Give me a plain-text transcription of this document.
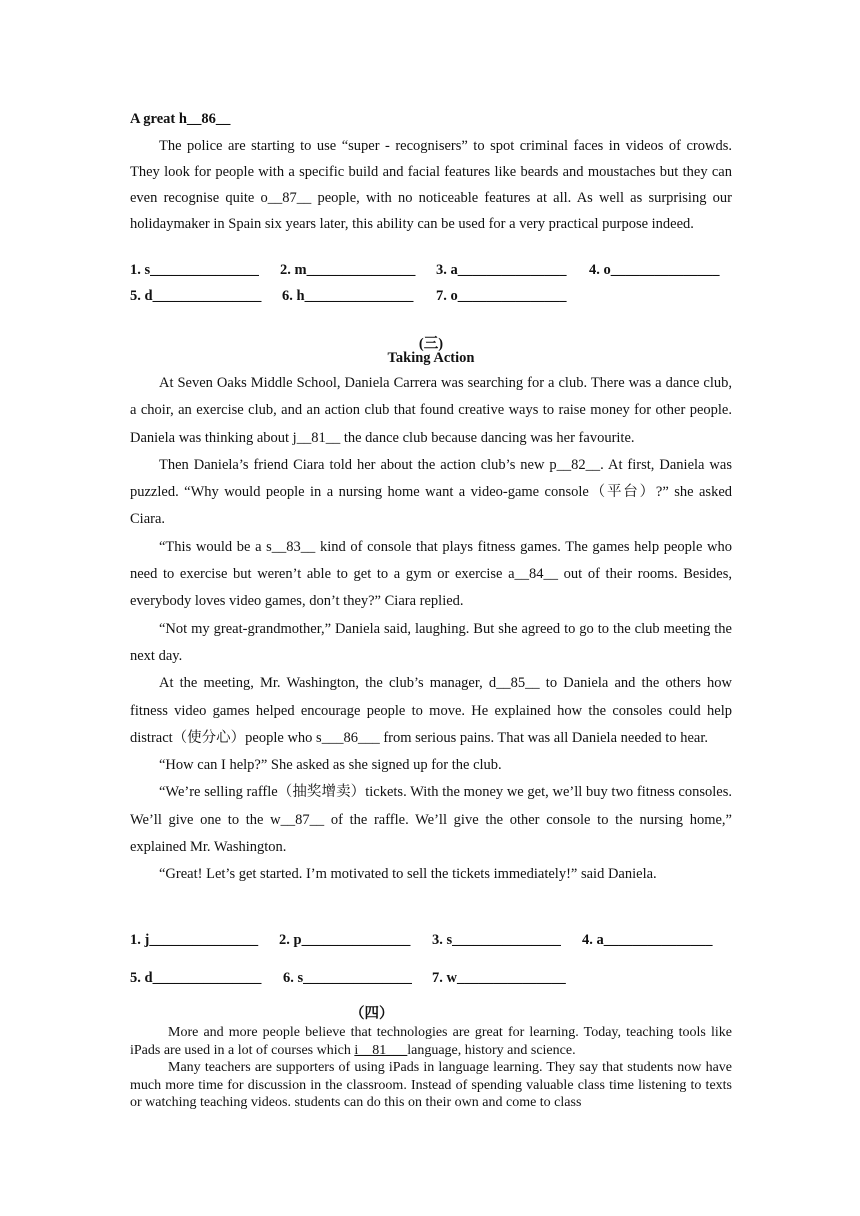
A great h__86__

The police are starting to use “super - recognisers” to spot criminal faces in videos of crowds. They look for people with a specific build and facial features like beards and moustaches but they can even recognise quite o__87__ people, with no noticeable features at all. As well as surprising our holidaymaker in Spain six years later, this ability can be used for a very practical purpose indeed.

1. s_______________ 2. m_______________ 3. a_______________ 4. o_______________
5. d_______________ 6. h_______________ 7. o_______________
(三)
Taking Action

At Seven Oaks Middle School, Daniela Carrera was searching for a club. There was a dance club, a choir, an exercise club, and an action club that found creative ways to raise money for other people. Daniela was thinking about j__81__ the dance club because dancing was her favourite.

Then Daniela’s friend Ciara told her about the action club’s new p__82__. At first, Daniela was puzzled. “Why would people in a nursing home want a video-game console（平台）?” she asked Ciara.

“This would be a s__83__ kind of console that plays fitness games. The games help people who need to exercise but weren’t able to get to a gym or exercise a__84__ out of their rooms. Besides, everybody loves video games, don’t they?” Ciara replied.

“Not my great-grandmother,” Daniela said, laughing. But she agreed to go to the club meeting the next day.

At the meeting, Mr. Washington, the club’s manager, d__85__ to Daniela and the others how fitness video games helped encourage people to move. He explained how the consoles could help distract（使分心）people who s___86___ from serious pains. That was all Daniela needed to hear.

“How can I help?” She asked as she signed up for the club.

“We’re selling raffle（抽奖增卖）tickets. With the money we get, we’ll buy two fitness consoles. We’ll give one to the w__87__ of the raffle. We’ll give the other console to the nursing home,” explained Mr. Washington.

“Great! Let’s get started. I’m motivated to sell the tickets immediately!” said Daniela.

1. j_______________ 2. p_______________ 3. s_______________ 4. a_______________
5. d_______________ 6. s_______________ 7. w_______________
（四）

More and more people believe that technologies are great for learning. Today, teaching tools like iPads are used in a lot of courses which i__81___language, history and science.

Many teachers are supporters of using iPads in language learning. They say that students now have much more time for discussion in the classroom. Instead of spending valuable class time listening to texts or watching teaching videos. students can do this on their own and come to class
